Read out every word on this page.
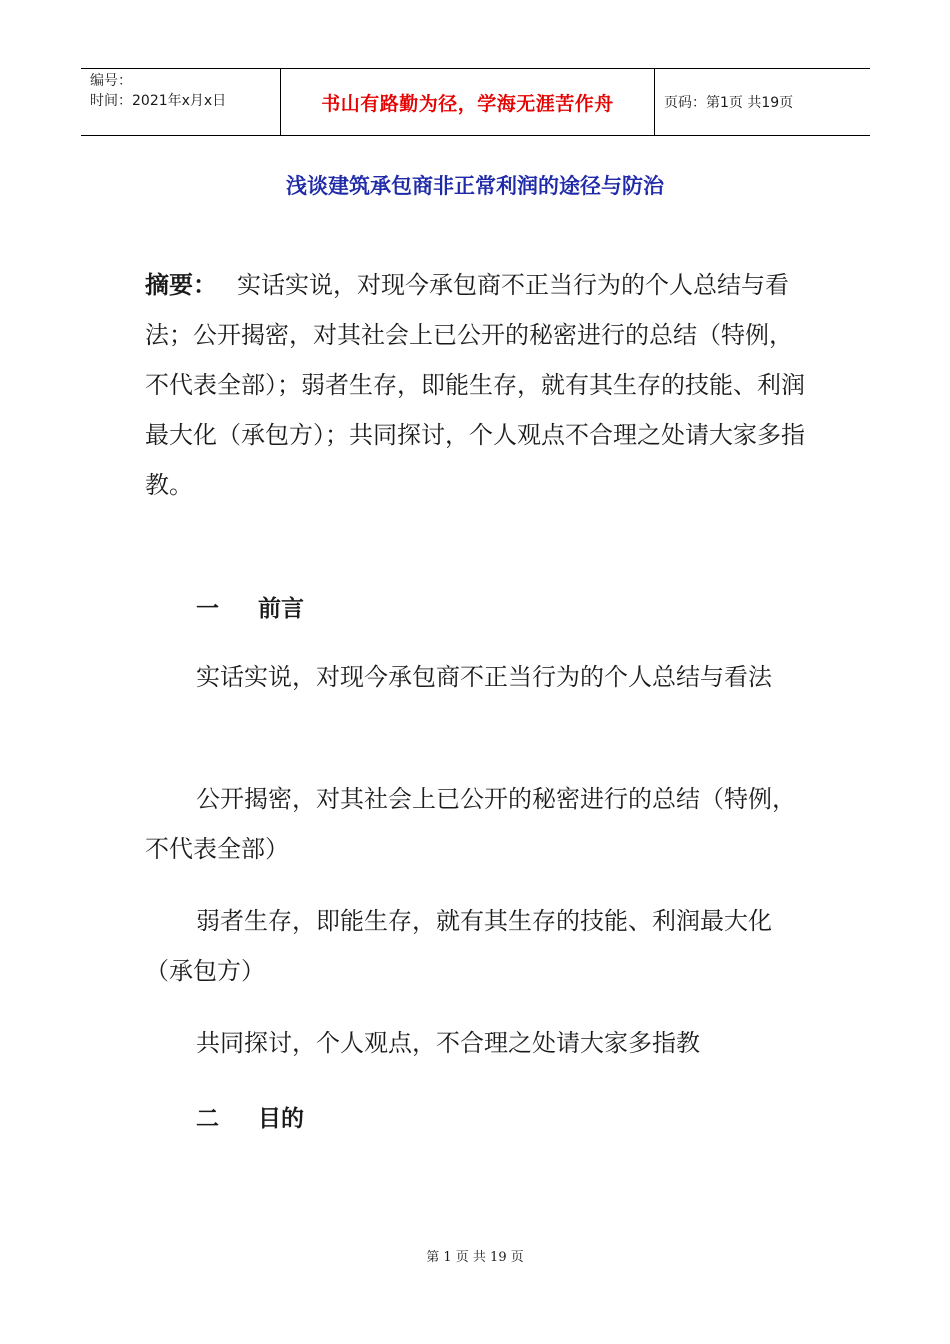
编号：
时间：2021年x月x日	书山有路勤为径，学海无涯苦作舟	页码：第1页 共19页
浅谈建筑承包商非正常利润的途径与防治
摘要： 实话实说，对现今承包商不正当行为的个人总结与看法；公开揭密，对其社会上已公开的秘密进行的总结（特例，不代表全部）；弱者生存，即能生存，就有其生存的技能、利润最大化（承包方）；共同探讨，个人观点不合理之处请大家多指教。
一 前言
实话实说，对现今承包商不正当行为的个人总结与看法
公开揭密，对其社会上已公开的秘密进行的总结（特例，不代表全部）
弱者生存，即能生存，就有其生存的技能、利润最大化（承包方）
共同探讨，个人观点，不合理之处请大家多指教
二 目的
第 1 页 共 19 页
